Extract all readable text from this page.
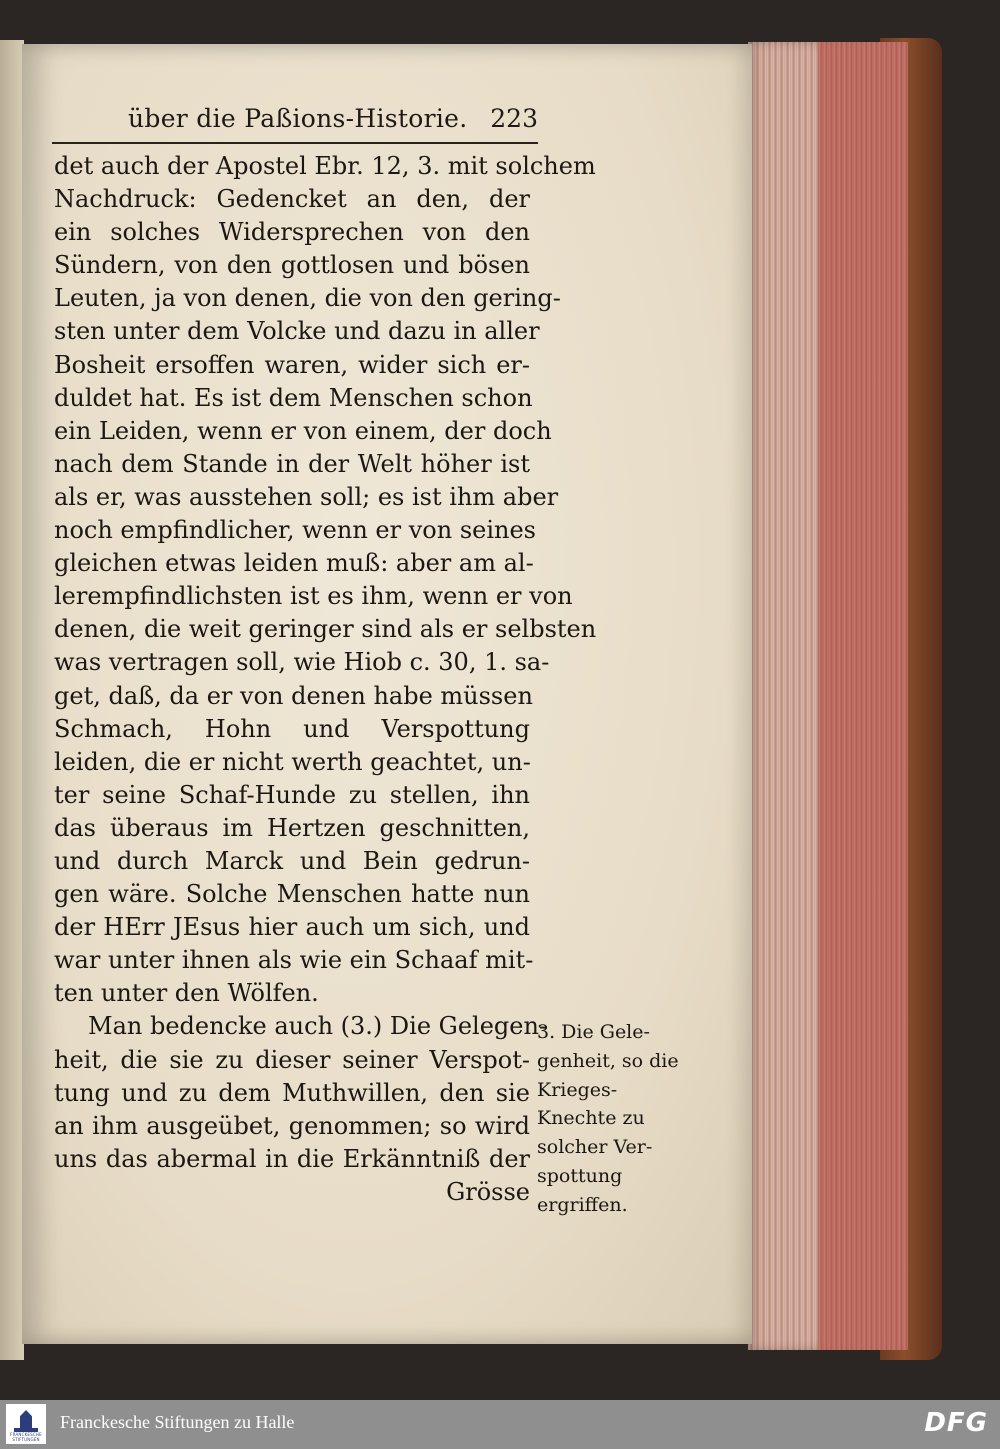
über die Paßions-Historie. 223
det auch der Apostel Ebr. 12, 3. mit solchem
Nachdruck: Gedencket an den, der
ein solches Widersprechen von den
Sündern, von den gottlosen und bösen
Leuten, ja von denen, die von den gering-
sten unter dem Volcke und dazu in aller
Bosheit ersoffen waren, wider sich er-
duldet hat. Es ist dem Menschen schon
ein Leiden, wenn er von einem, der doch
nach dem Stande in der Welt höher ist
als er, was ausstehen soll; es ist ihm aber
noch empfindlicher, wenn er von seines
gleichen etwas leiden muß: aber am al-
lerempfindlichsten ist es ihm, wenn er von
denen, die weit geringer sind als er selbsten
was vertragen soll, wie Hiob c. 30, 1. sa-
get, daß, da er von denen habe müssen
Schmach, Hohn und Verspottung
leiden, die er nicht werth geachtet, un-
ter seine Schaf-Hunde zu stellen, ihn
das überaus im Hertzen geschnitten,
und durch Marck und Bein gedrun-
gen wäre. Solche Menschen hatte nun
der HErr JEsus hier auch um sich, und
war unter ihnen als wie ein Schaaf mit-
ten unter den Wölfen.
Man bedencke auch (3.) Die Gelegen-
heit, die sie zu dieser seiner Verspot-
tung und zu dem Muthwillen, den sie
an ihm ausgeübet, genommen; so wird
uns das abermal in die Erkänntniß der
Grösse
3. Die Gele-
genheit, so die
Krieges-
Knechte zu
solcher Ver-
spottung
ergriffen.
FRANCKESCHE STIFTUNGEN
Franckesche Stiftungen zu Halle	DFG
